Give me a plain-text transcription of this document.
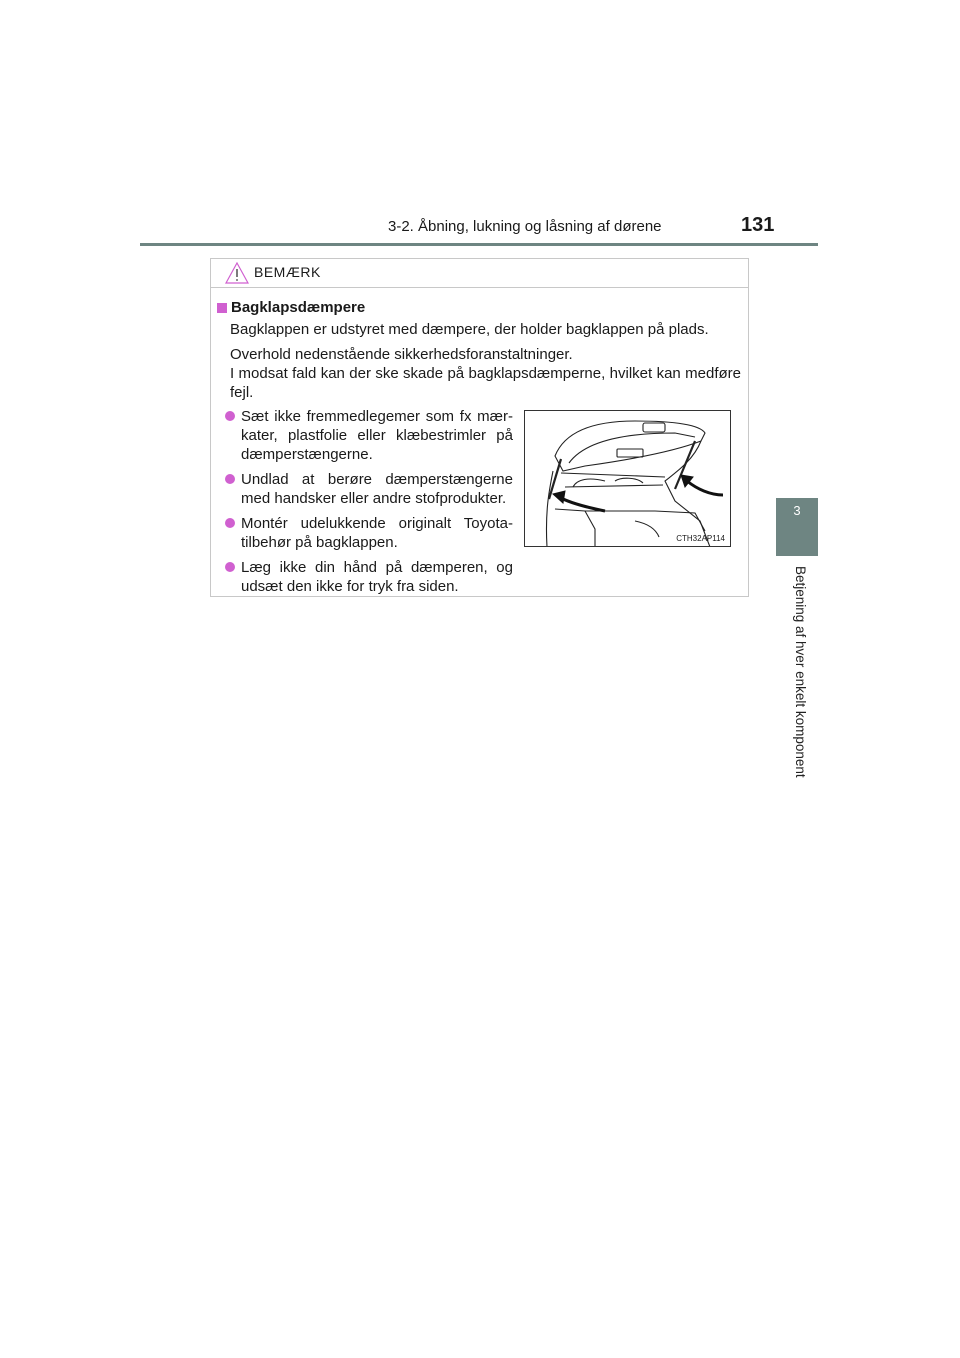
3-2. Åbning, lukning og låsning af dørene	131
3
Betjening af hver enkelt komponent
BEMÆRK
Bagklapsdæmpere
Bagklappen er udstyret med dæmpere, der holder bagklappen på plads.
Overhold nedenstående sikkerhedsforanstaltninger.
I modsat fald kan der ske skade på bagklapsdæmperne, hvilket kan medføre
fejl.
Sæt ikke fremmedlegemer som fx mær-
kater, plastfolie eller klæbestrimler på
dæmperstængerne.
Undlad at berøre dæmperstængerne
med handsker eller andre stofprodukter.
Montér udelukkende originalt Toyota-
tilbehør på bagklappen.
Læg ikke din hånd på dæmperen, og
udsæt den ikke for tryk fra siden.
CTH32AP114
